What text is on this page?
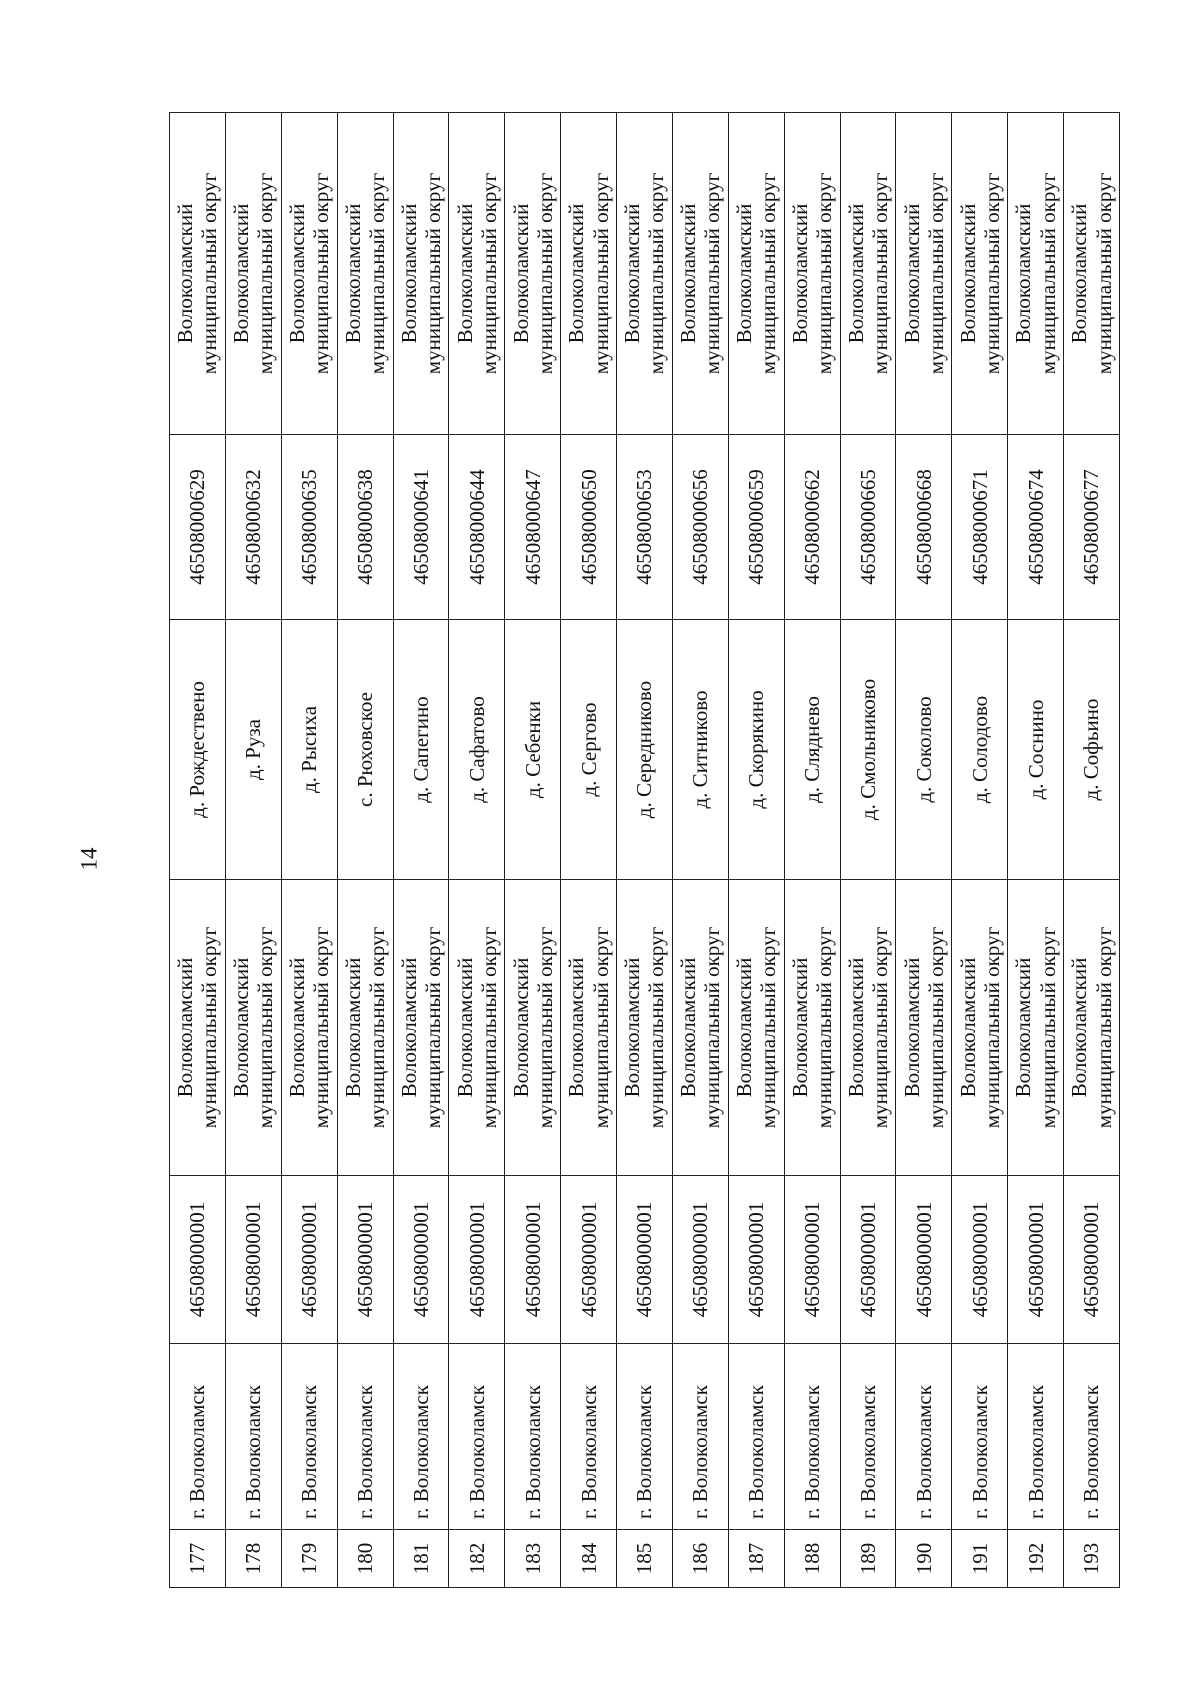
14
177	г. Волоколамск	46508000001	Волоколамский муниципальный округ	д. Рождествено	46508000629	Волоколамский муниципальный округ

178	г. Волоколамск	46508000001	Волоколамский муниципальный округ	д. Руза	46508000632	Волоколамский муниципальный округ

179	г. Волоколамск	46508000001	Волоколамский муниципальный округ	д. Рысиха	46508000635	Волоколамский муниципальный округ

180	г. Волоколамск	46508000001	Волоколамский муниципальный округ	с. Рюховское	46508000638	Волоколамский муниципальный округ

181	г. Волоколамск	46508000001	Волоколамский муниципальный округ	д. Сапегино	46508000641	Волоколамский муниципальный округ

182	г. Волоколамск	46508000001	Волоколамский муниципальный округ	д. Сафатово	46508000644	Волоколамский муниципальный округ

183	г. Волоколамск	46508000001	Волоколамский муниципальный округ	д. Себенки	46508000647	Волоколамский муниципальный округ

184	г. Волоколамск	46508000001	Волоколамский муниципальный округ	д. Сергово	46508000650	Волоколамский муниципальный округ

185	г. Волоколамск	46508000001	Волоколамский муниципальный округ	д. Середниково	46508000653	Волоколамский муниципальный округ

186	г. Волоколамск	46508000001	Волоколамский муниципальный округ	д. Ситниково	46508000656	Волоколамский муниципальный округ

187	г. Волоколамск	46508000001	Волоколамский муниципальный округ	д. Скорякино	46508000659	Волоколамский муниципальный округ

188	г. Волоколамск	46508000001	Волоколамский муниципальный округ	д. Сляднево	46508000662	Волоколамский муниципальный округ

189	г. Волоколамск	46508000001	Волоколамский муниципальный округ	д. Смольниково	46508000665	Волоколамский муниципальный округ

190	г. Волоколамск	46508000001	Волоколамский муниципальный округ	д. Соколово	46508000668	Волоколамский муниципальный округ

191	г. Волоколамск	46508000001	Волоколамский муниципальный округ	д. Солодово	46508000671	Волоколамский муниципальный округ

192	г. Волоколамск	46508000001	Волоколамский муниципальный округ	д. Соснино	46508000674	Волоколамский муниципальный округ

193	г. Волоколамск	46508000001	Волоколамский муниципальный округ	д. Софьино	46508000677	Волоколамский муниципальный округ
